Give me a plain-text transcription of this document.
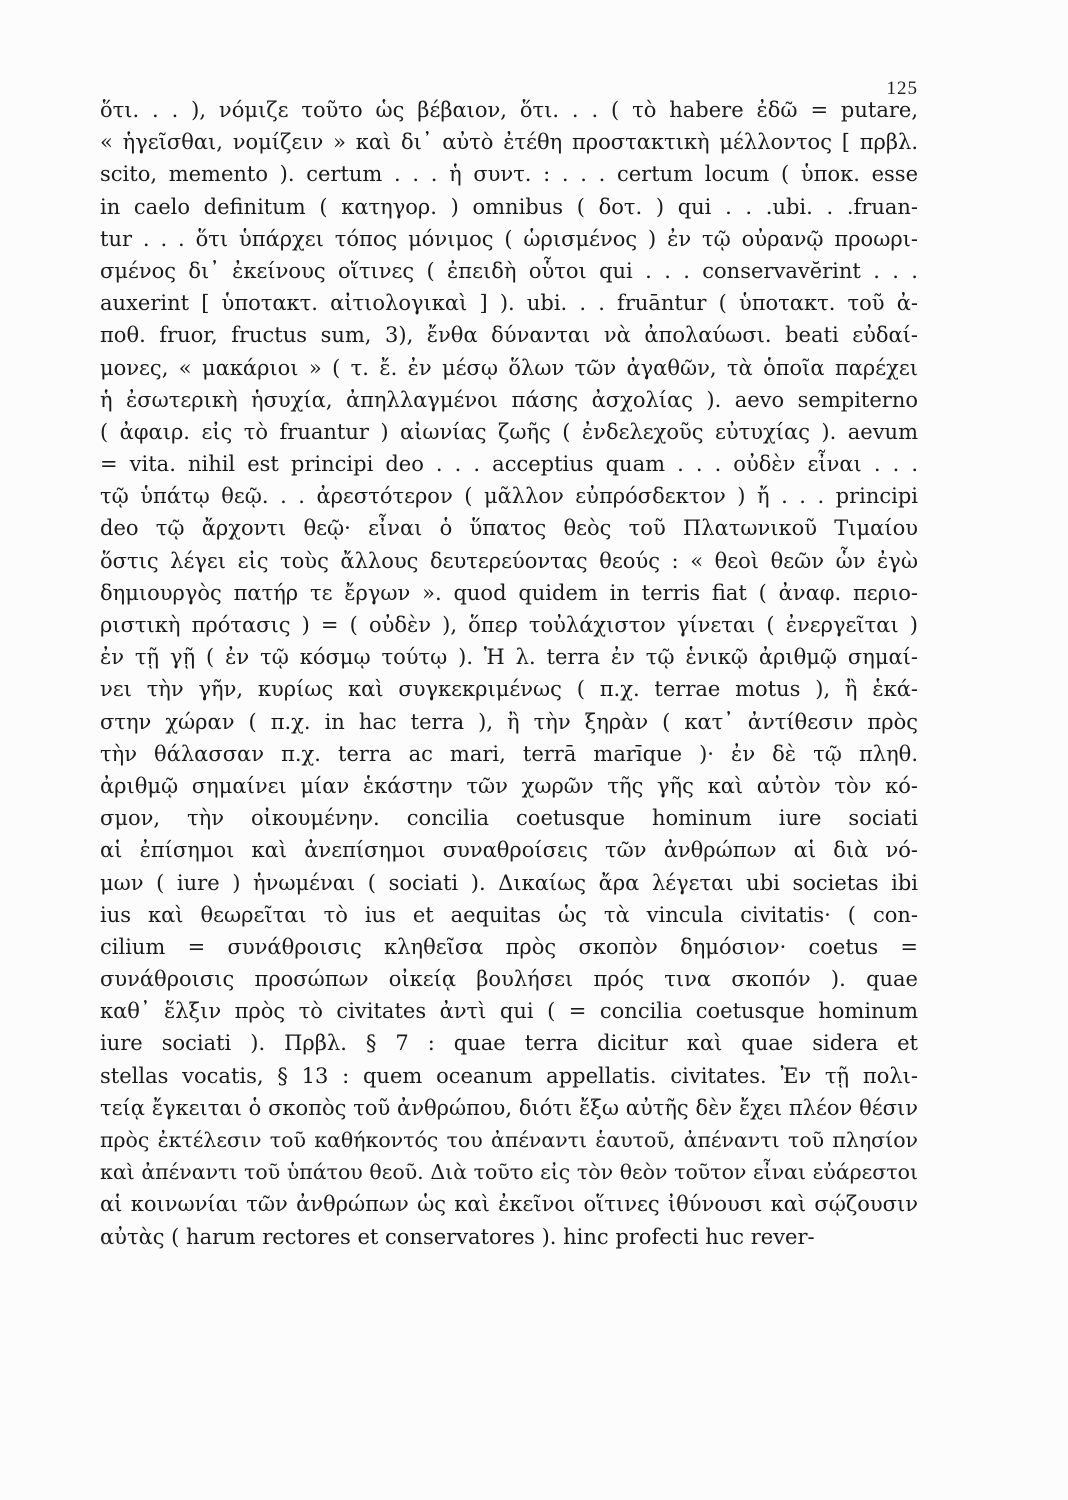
125
ὅτι. . . ), νόμιζε τοῦτο ὡς βέβαιον, ὅτι. . . ( τὸ habere ἐδῶ = putare,
« ἡγεῖσθαι, νομίζειν » καὶ δι᾽ αὐτὸ ἐτέθη προστακτικὴ μέλλοντος [ πρβλ.
scito, memento ). certum . . . ἡ συντ. : . . . certum locum ( ὑποκ. esse
in caelo definitum ( κατηγορ. ) omnibus ( δοτ. ) qui . . .ubi. . .fruan-
tur . . . ὅτι ὑπάρχει τόπος μόνιμος ( ὡρισμένος ) ἐν τῷ οὐρανῷ προωρι-
σμένος δι᾽ ἐκείνους οἵτινες ( ἐπειδὴ οὗτοι qui . . . conservavĕrint . . .
auxerint [ ὑποτακτ. αἰτιολογικαὶ ] ). ubi. . . fruāntur ( ὑποτακτ. τοῦ ἀ-
ποθ. fruor, fructus sum, 3), ἔνθα δύνανται νὰ ἀπολαύωσι. beati εὐδαί-
μονες, « μακάριοι » ( τ. ἔ. ἐν μέσῳ ὅλων τῶν ἀγαθῶν, τὰ ὁποῖα παρέχει
ἡ ἐσωτερικὴ ἡσυχία, ἀπηλλαγμένοι πάσης ἀσχολίας ). aevo sempiterno
( ἀφαιρ. εἰς τὸ fruantur ) αἰωνίας ζωῆς ( ἐνδελεχοῦς εὐτυχίας ). aevum
= vita. nihil est principi deo . . . acceptius quam . . . οὐδὲν εἶναι . . .
τῷ ὑπάτῳ θεῷ. . . ἀρεστότερον ( μᾶλλον εὐπρόσδεκτον ) ἤ . . . principi
deo τῷ ἄρχοντι θεῷ· εἶναι ὁ ὕπατος θεὸς τοῦ Πλατωνικοῦ Τιμαίου
ὅστις λέγει εἰς τοὺς ἄλλους δευτερεύοντας θεούς : « θεοὶ θεῶν ὧν ἐγὼ
δημιουργὸς πατήρ τε ἔργων ». quod quidem in terris fiat ( ἀναφ. περιο-
ριστικὴ πρότασις ) = ( οὐδὲν ), ὅπερ τοὐλάχιστον γίνεται ( ἐνεργεῖται )
ἐν τῇ γῇ ( ἐν τῷ κόσμῳ τούτῳ ). Ἡ λ. terra ἐν τῷ ἑνικῷ ἀριθμῷ σημαί-
νει τὴν γῆν, κυρίως καὶ συγκεκριμένως ( π.χ. terrae motus ), ἢ ἑκά-
στην χώραν ( π.χ. in hac terra ), ἢ τὴν ξηρὰν ( κατ᾽ ἀντίθεσιν πρὸς
τὴν θάλασσαν π.χ. terra ac mari, terrā marīque )· ἐν δὲ τῷ πληθ.
ἀριθμῷ σημαίνει μίαν ἑκάστην τῶν χωρῶν τῆς γῆς καὶ αὐτὸν τὸν κό-
σμον, τὴν οἰκουμένην. concilia coetusque hominum iure sociati
αἱ ἐπίσημοι καὶ ἀνεπίσημοι συναθροίσεις τῶν ἀνθρώπων αἱ διὰ νό-
μων ( iure ) ἡνωμέναι ( sociati ). Δικαίως ἄρα λέγεται ubi societas ibi
ius καὶ θεωρεῖται τὸ ius et aequitas ὡς τὰ vincula civitatis· ( con-
cilium = συνάθροισις κληθεῖσα πρὸς σκοπὸν δημόσιον· coetus =
συνάθροισις προσώπων οἰκείᾳ βουλήσει πρός τινα σκοπόν ). quae
καθ᾽ ἕλξιν πρὸς τὸ civitates ἀντὶ qui ( = concilia coetusque hominum
iure sociati ). Πρβλ. § 7 : quae terra dicitur καὶ quae sidera et
stellas vocatis, § 13 : quem oceanum appellatis. civitates. Ἐν τῇ πολι-
τείᾳ ἔγκειται ὁ σκοπὸς τοῦ ἀνθρώπου, διότι ἔξω αὐτῆς δὲν ἔχει πλέον θέσιν
πρὸς ἐκτέλεσιν τοῦ καθήκοντός του ἀπέναντι ἑαυτοῦ, ἀπέναντι τοῦ πλησίον
καὶ ἀπέναντι τοῦ ὑπάτου θεοῦ. Διὰ τοῦτο εἰς τὸν θεὸν τοῦτον εἶναι εὐάρεστοι
αἱ κοινωνίαι τῶν ἀνθρώπων ὡς καὶ ἐκεῖνοι οἵτινες ἰθύνουσι καὶ σῴζουσιν
αὐτὰς ( harum rectores et conservatores ). hinc profecti huc rever-
